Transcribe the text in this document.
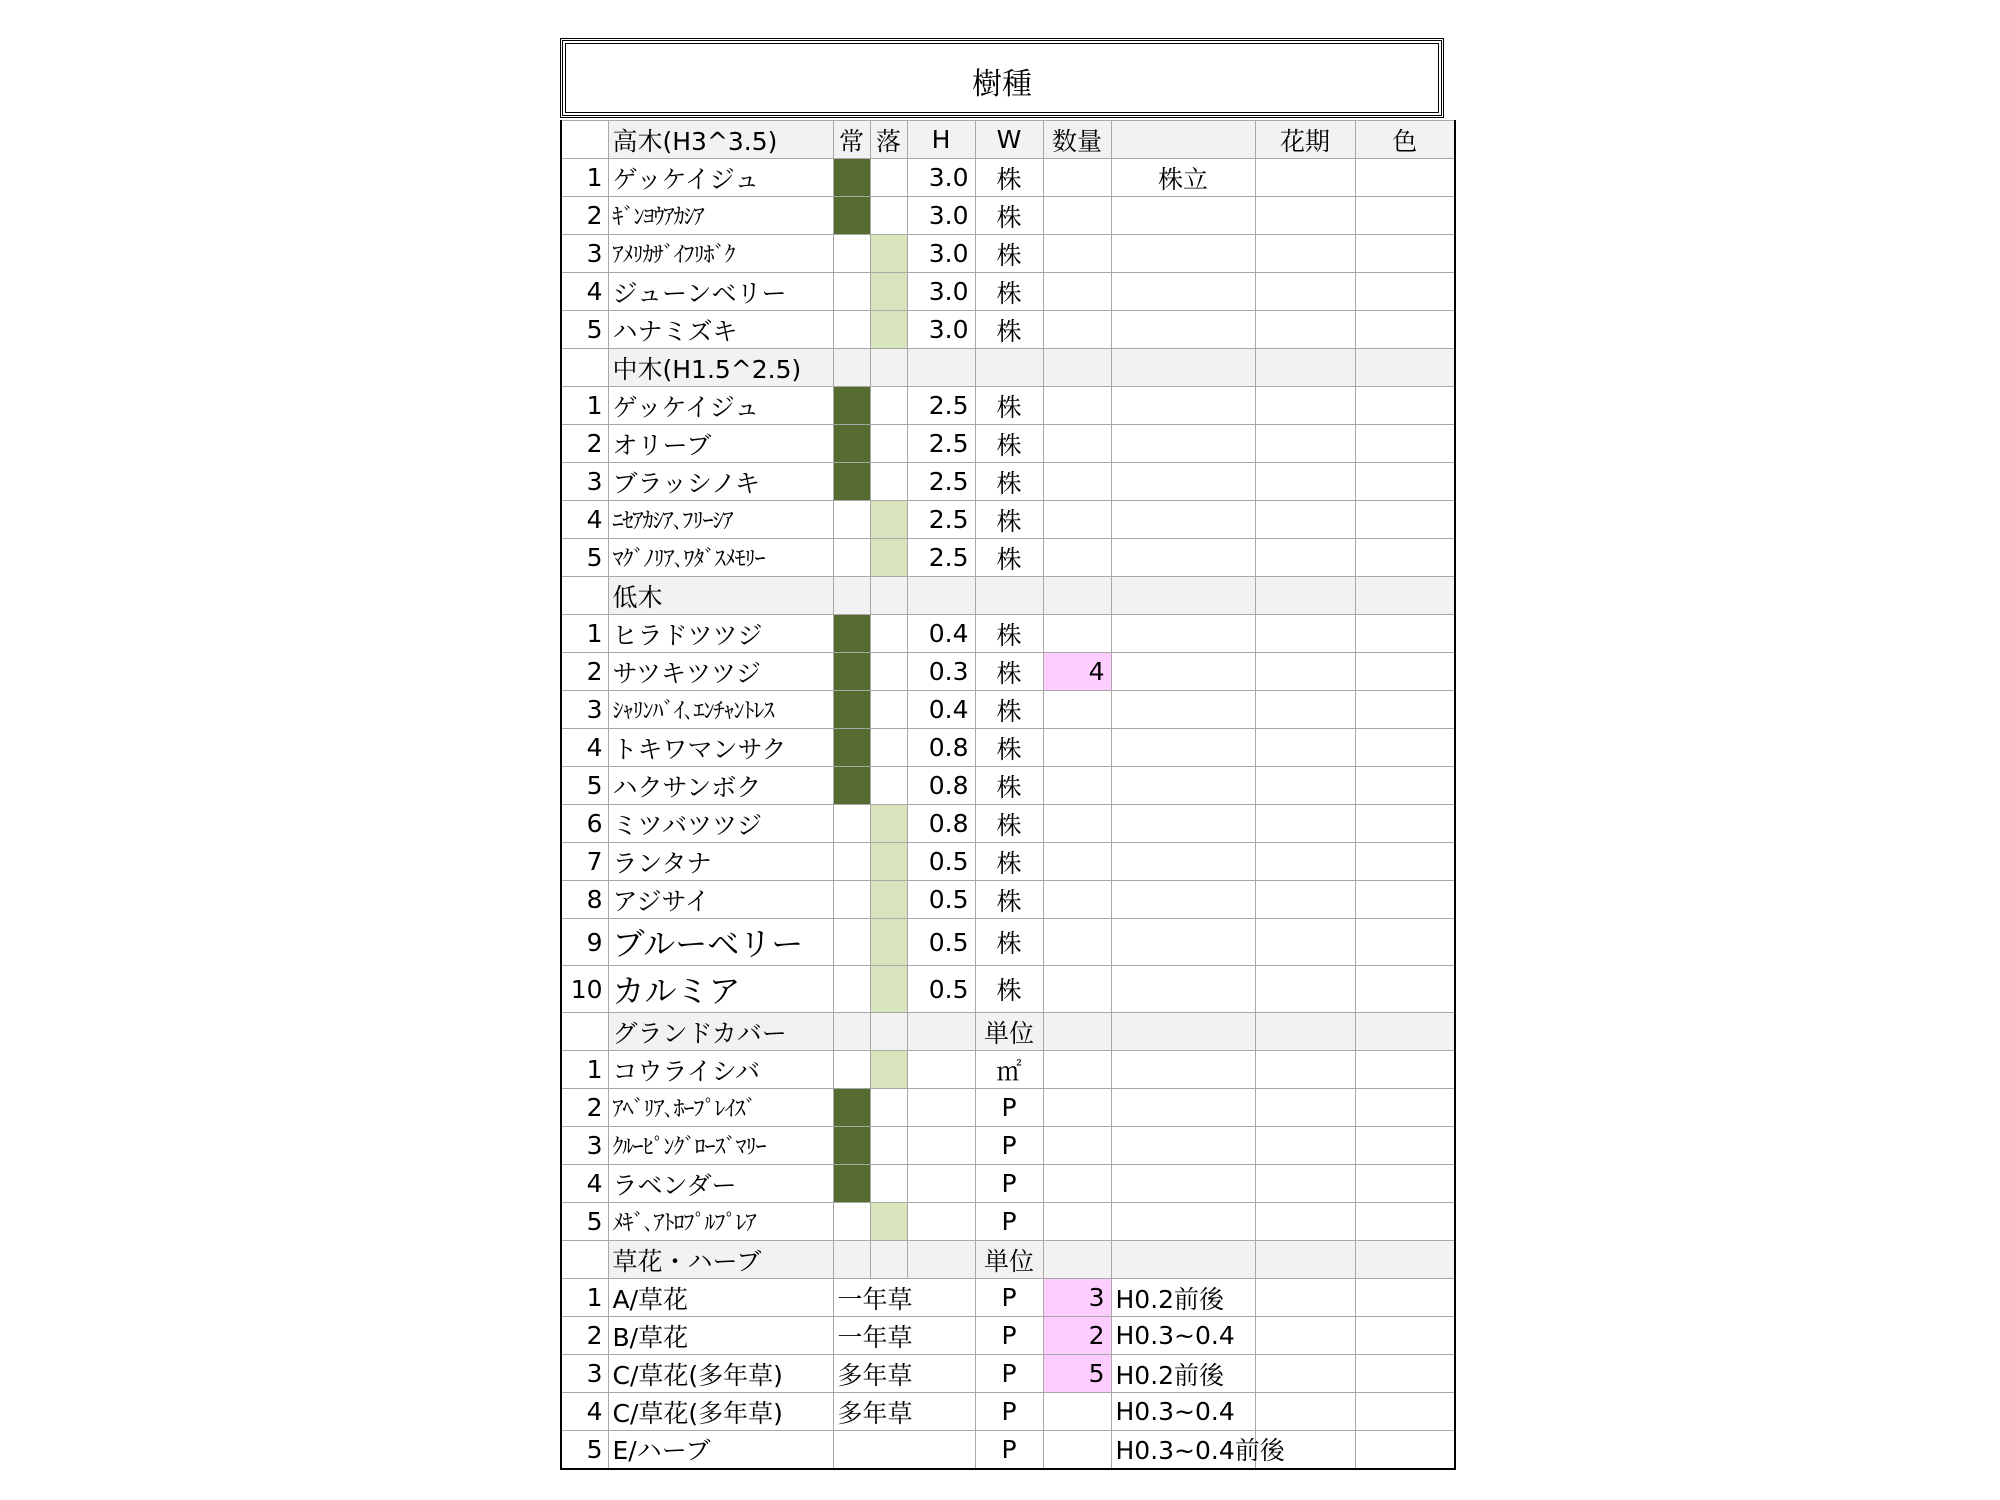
樹種
	高木(H3^3.5)	常	落	H	W	数量		花期	色
1	ゲッケイジュ			3.0	株		株立		
2	ｷﾞﾝﾖｳｱｶｼｱ			3.0	株				
3	ｱﾒﾘｶｻﾞｲﾌﾘﾎﾞｸ			3.0	株				
4	ジューンベリー			3.0	株				
5	ハナミズキ			3.0	株				
	中木(H1.5^2.5)								
1	ゲッケイジュ			2.5	株				
2	オリーブ			2.5	株				
3	ブラッシノキ			2.5	株				
4	ﾆｾｱｶｼｱ､ﾌﾘｰｼｱ			2.5	株				
5	ﾏｸﾞﾉﾘｱ､ﾜﾀﾞｽﾒﾓﾘｰ			2.5	株				
	低木								
1	ヒラドツツジ			0.4	株				
2	サツキツツジ			0.3	株	4			
3	ｼｬﾘﾝﾊﾞｲ､ｴﾝﾁｬﾝﾄﾚｽ			0.4	株				
4	トキワマンサク			0.8	株				
5	ハクサンボク			0.8	株				
6	ミツバツツジ			0.8	株				
7	ランタナ			0.5	株				
8	アジサイ			0.5	株				
9	ブルーベリー			0.5	株				
10	カルミア			0.5	株				
	グランドカバー				単位				
1	コウライシバ				㎡				
2	ｱﾍﾞﾘｱ､ﾎｰﾌﾟﾚｲｽﾞ				P				
3	ｸﾙｰﾋﾟﾝｸﾞﾛｰｽﾞﾏﾘｰ				P				
4	ラベンダー				P				
5	ﾒｷﾞ､ｱﾄﾛﾌﾟﾙﾌﾟﾚｱ				P				
	草花・ハーブ				単位				
1	A/草花	一年草			P	3	H0.2前後		
2	B/草花	一年草			P	2	H0.3~0.4		
3	C/草花(多年草)	多年草			P	5	H0.2前後		
4	C/草花(多年草)	多年草			P		H0.3~0.4		
5	E/ハーブ				P		H0.3~0.4前後		
